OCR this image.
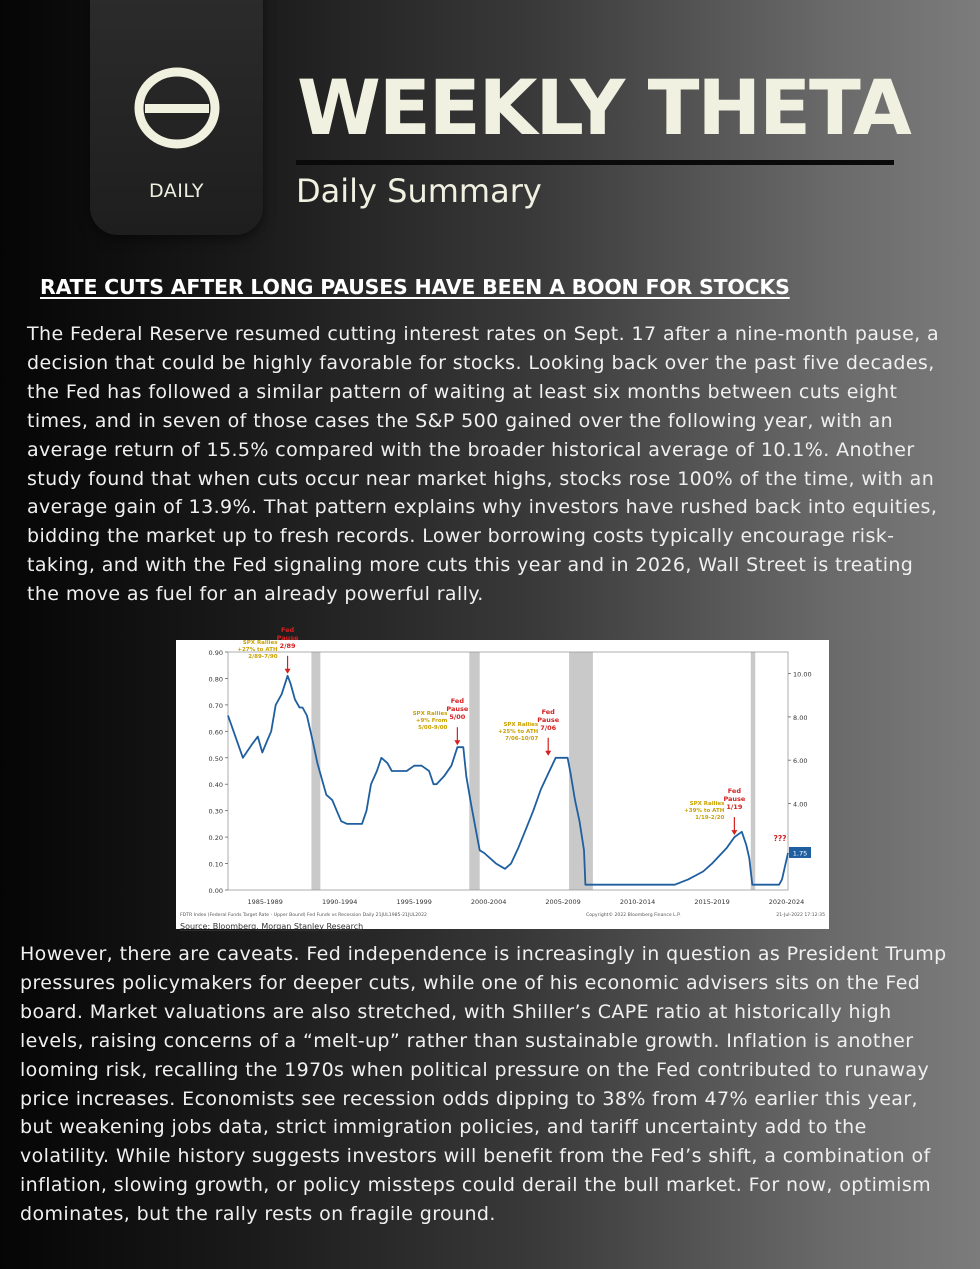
DAILY
WEEKLY THETA
Daily Summary
RATE CUTS AFTER LONG PAUSES HAVE BEEN A BOON FOR STOCKS

The Federal Reserve resumed cutting interest rates on Sept. 17 after a nine-month pause, a decision that could be highly favorable for stocks. Looking back over the past five decades, the Fed has followed a similar pattern of waiting at least six months between cuts eight times, and in seven of those cases the S&P 500 gained over the following year, with an average return of 15.5% compared with the broader historical average of 10.1%. Another study found that when cuts occur near market highs, stocks rose 100% of the time, with an average gain of 13.9%. That pattern explains why investors have rushed back into equities, bidding the market up to fresh records. Lower borrowing costs typically encourage risk-taking, and with the Fed signaling more cuts this year and in 2026, Wall Street is treating the move as fuel for an already powerful rally.

0.00
0.10
0.20
0.30
0.40
0.50
0.60
0.70
0.80
0.90
4.00
6.00
8.00
10.00
1985-1989	1990-1994	1995-1999	2000-2004	2005-2009	2010-2014	2015-2019	2020-2024
1.75
???
Fed
Pause
2/89
SPX Rallies
+27% to ATH
2/89-7/90
Fed
Pause
5/00
SPX Rallies
+9% From
5/00-9/00
Fed
Pause
7/06
SPX Rallies
+25% to ATH
7/06-10/07
Fed
Pause
1/19
SPX Rallies
+39% to ATH
1/19-2/20
FDTR Index (Federal Funds Target Rate - Upper Bound) Fed Funds vs Recession Daily 21JUL1985-21JUL2022	Copyright© 2022 Bloomberg Finance L.P.	21-Jul-2022 17:12:35
Source: Bloomberg, Morgan Stanley Research

However, there are caveats. Fed independence is increasingly in question as President Trump pressures policymakers for deeper cuts, while one of his economic advisers sits on the Fed board. Market valuations are also stretched, with Shiller’s CAPE ratio at historically high levels, raising concerns of a “melt-up” rather than sustainable growth. Inflation is another looming risk, recalling the 1970s when political pressure on the Fed contributed to runaway price increases. Economists see recession odds dipping to 38% from 47% earlier this year, but weakening jobs data, strict immigration policies, and tariff uncertainty add to the volatility. While history suggests investors will benefit from the Fed’s shift, a combination of inflation, slowing growth, or policy missteps could derail the bull market. For now, optimism dominates, but the rally rests on fragile ground.
